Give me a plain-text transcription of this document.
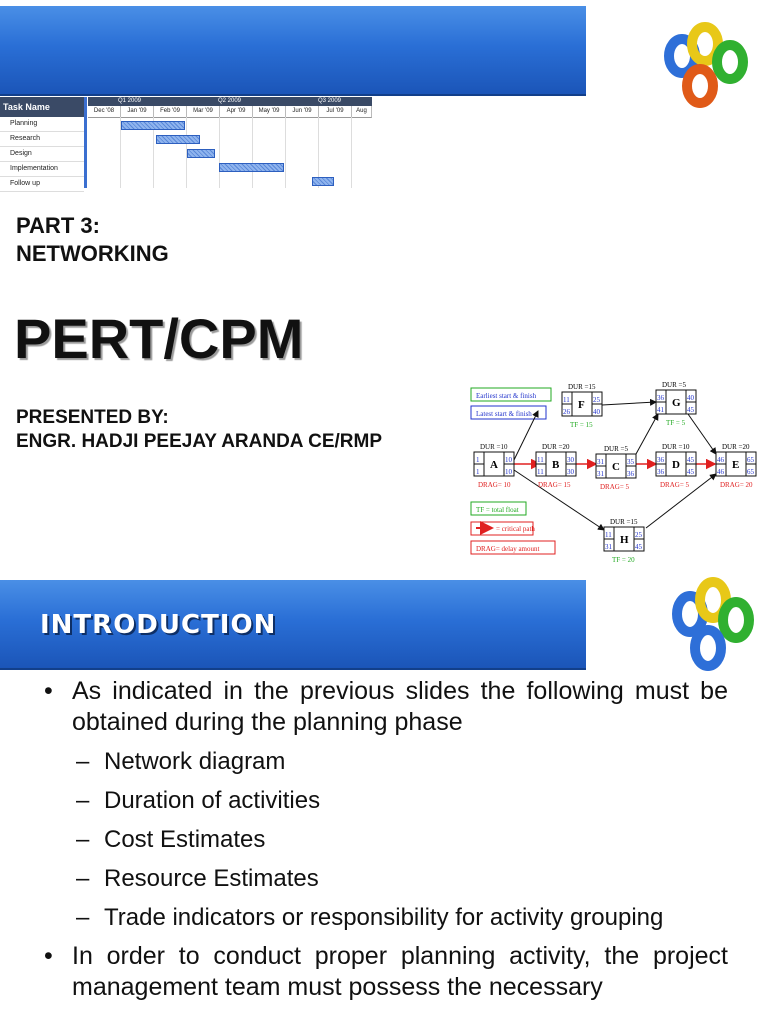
Task Name
Planning
Research
Design
Implementation
Follow up
Q1 2009	Q2 2009	Q3 2009
Dec '08	Jan '09	Feb '09	Mar '09	Apr '09	May '09	Jun '09	Jul '09	Aug
PART 3:
NETWORKING
PERT/CPM
PRESENTED BY:
ENGR. HADJI PEEJAY ARANDA CE/RMP
Earliest start & finish
Latest start & finish
TF = total float
= critical path
DRAG= delay amount
DUR =10
A
1	10
1	10
DRAG= 10
DUR =20
B
11	30
11	30
DRAG= 15
DUR =5
C
31	35
31	36
DRAG= 5
DUR =10
D
36	45
36	45
DRAG= 5
DUR =20
E
46	65
46	65
DRAG= 20
DUR =15
F
11	25
26	40
TF = 15
DUR =5
G
36	40
41	45
TF = 5
DUR =15
H
11	25
31	45
TF = 20
INTRODUCTION
• As indicated in the previous slides the following must be obtained during the planning phase
– Network diagram
– Duration of activities
– Cost Estimates
– Resource Estimates
– Trade indicators or responsibility for activity grouping
• In order to conduct proper planning activity, the project management team must possess the necessary
